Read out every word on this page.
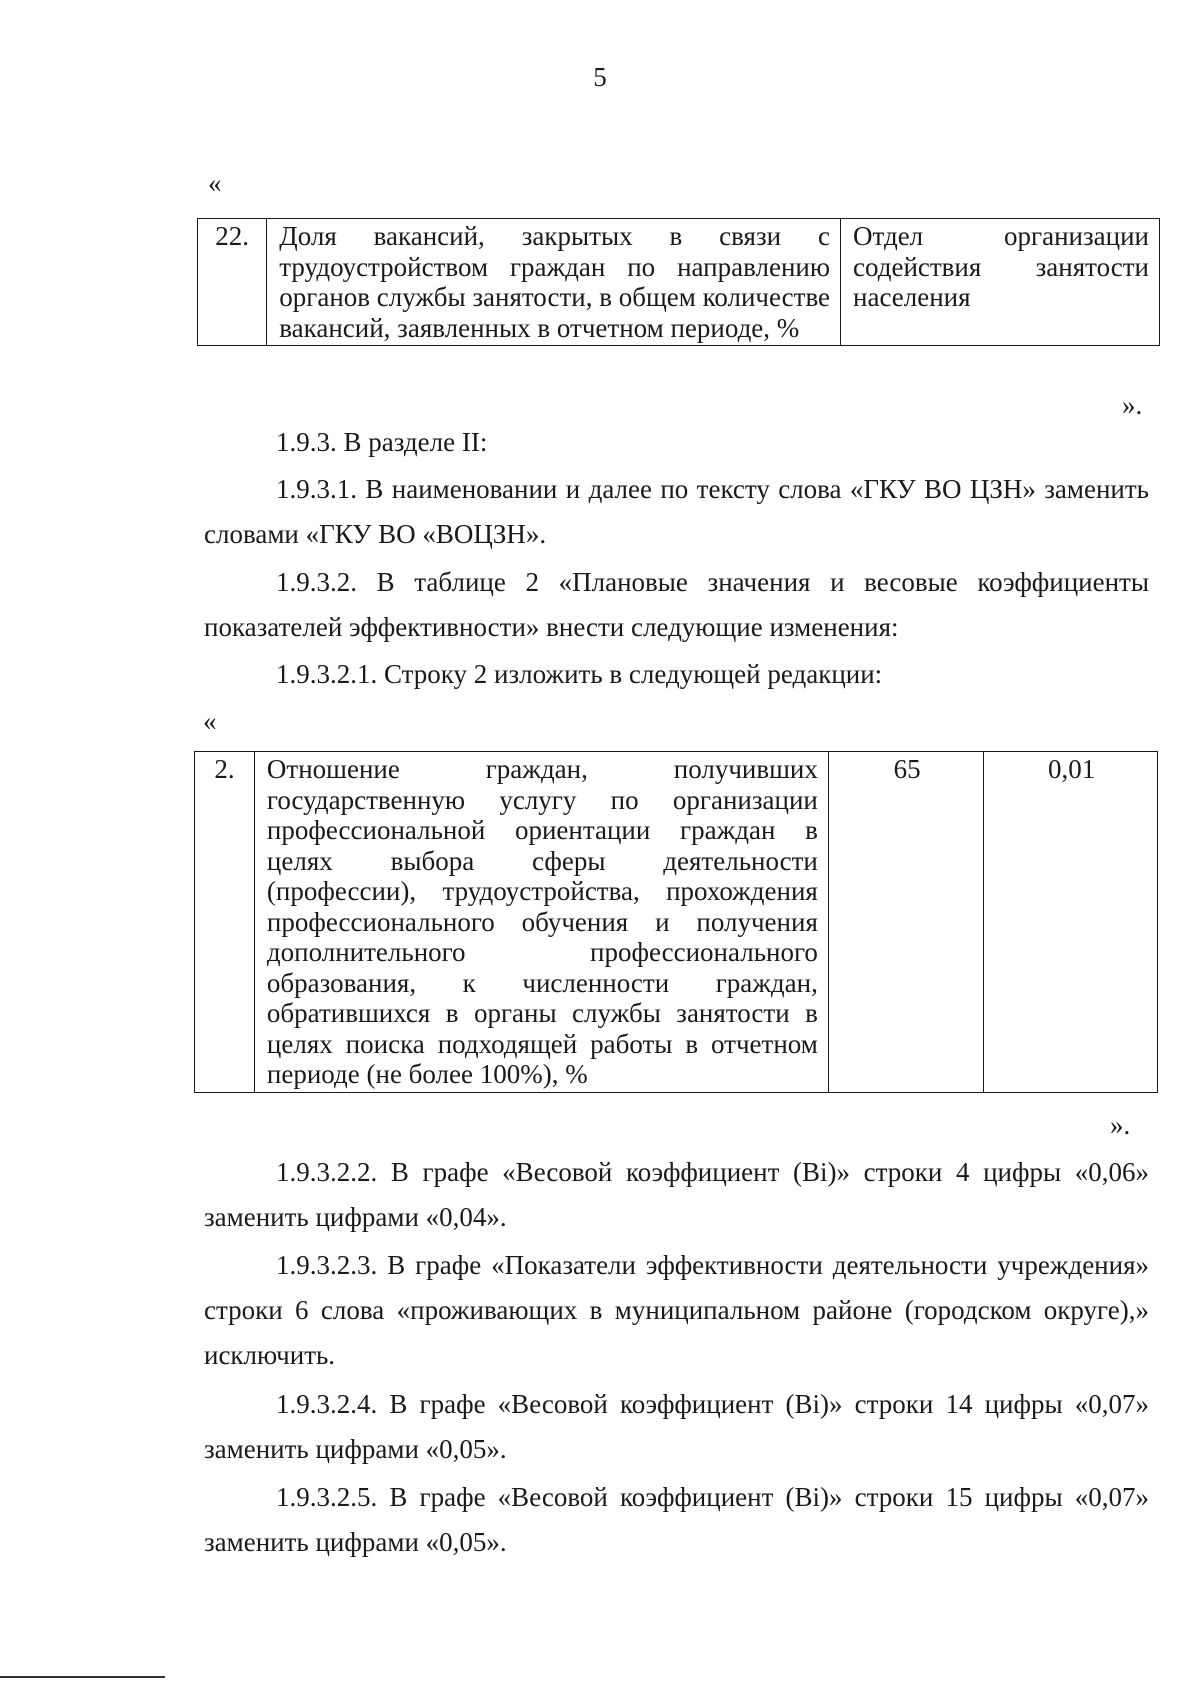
5
«
22.	Доля вакансий, закрытых в связи с трудоустройством граждан по направлению органов службы занятости, в общем количестве вакансий, заявленных в отчетном периоде, %	Отдел организации содействия занятости населения
».

1.9.3. В разделе II:

1.9.3.1. В наименовании и далее по тексту слова «ГКУ ВО ЦЗН» заменить словами «ГКУ ВО «ВОЦЗН».

1.9.3.2. В таблице 2 «Плановые значения и весовые коэффициенты показателей эффективности» внести следующие изменения:

1.9.3.2.1. Строку 2 изложить в следующей редакции:

«
2.	Отношение граждан, получивших государственную услугу по организации профессиональной ориентации граждан в целях выбора сферы деятельности (профессии), трудоустройства, прохождения профессионального обучения и получения дополнительного профессионального образования, к численности граждан, обратившихся в органы службы занятости в целях поиска подходящей работы в отчетном периоде (не более 100%), %	65	0,01
».

1.9.3.2.2. В графе «Весовой коэффициент (Bi)» строки 4 цифры «0,06» заменить цифрами «0,04».

1.9.3.2.3. В графе «Показатели эффективности деятельности учреждения» строки 6 слова «проживающих в муниципальном районе (городском округе),» исключить.

1.9.3.2.4. В графе «Весовой коэффициент (Bi)» строки 14 цифры «0,07» заменить цифрами «0,05».

1.9.3.2.5. В графе «Весовой коэффициент (Bi)» строки 15 цифры «0,07» заменить цифрами «0,05».
